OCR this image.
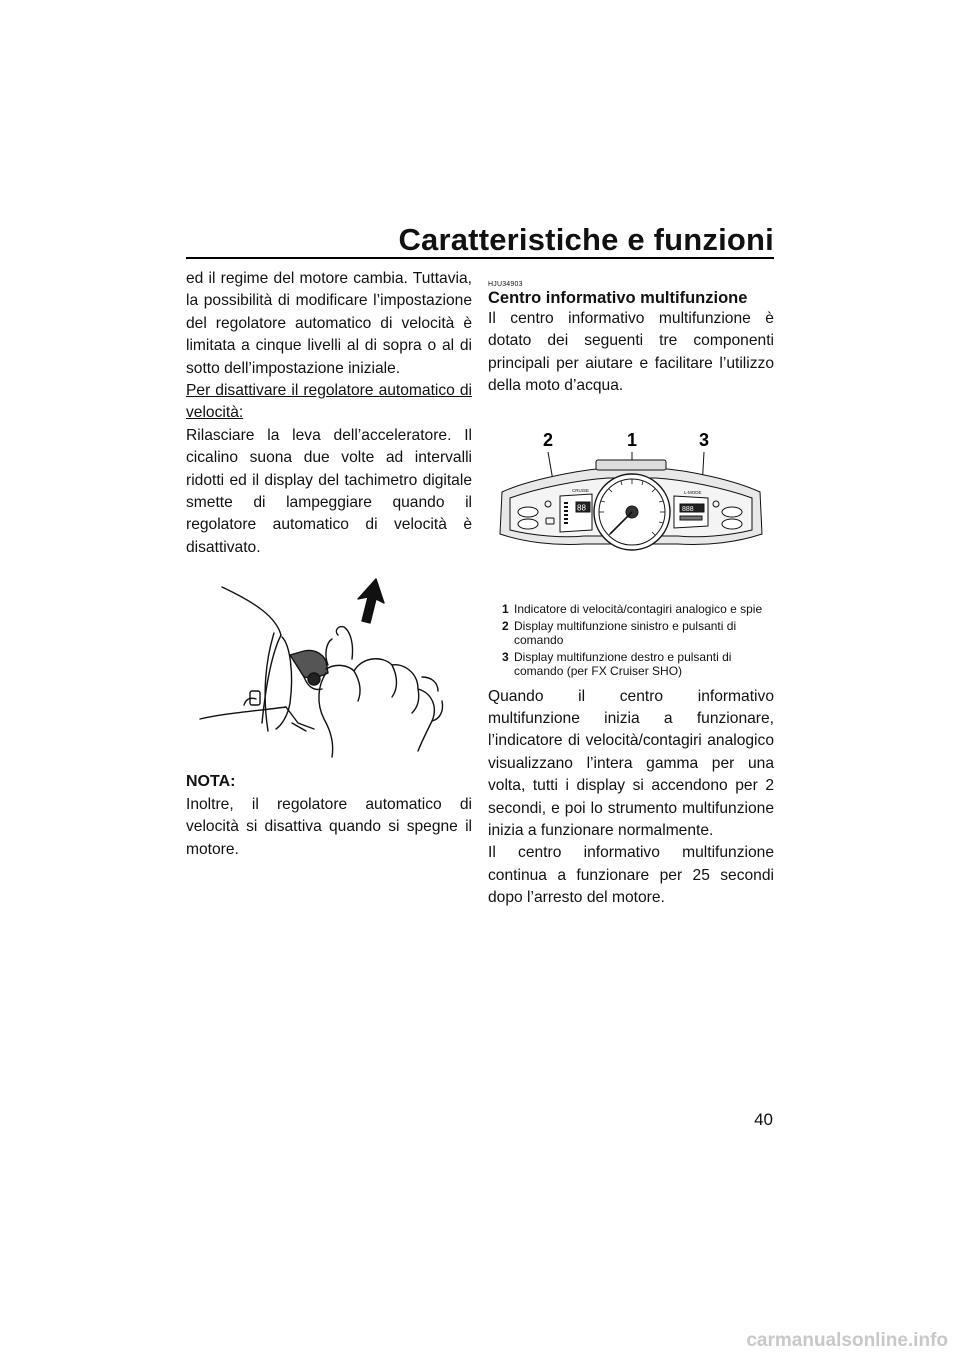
Caratteristiche e funzioni

ed il regime del motore cambia. Tuttavia, la possibilità di modificare l’impostazione del regolatore automatico di velocità è limitata a cinque livelli al di sopra o al di sotto dell’impostazione iniziale.

Per disattivare il regolatore automatico di velocità:

Rilasciare la leva dell’acceleratore. Il cicalino suona due volte ad intervalli ridotti ed il display del tachimetro digitale smette di lampeggiare quando il regolatore automatico di velocità è disattivato.

NOTA:

Inoltre, il regolatore automatico di velocità si disattiva quando si spegne il motore.

HJU34903

Centro informativo multifunzione

Il centro informativo multifunzione è dotato dei seguenti tre componenti principali per aiutare e facilitare l’utilizzo della moto d’acqua.

2	1	3
CRUISE	L-MODE
88	888
1 Indicatore di velocità/contagiri analogico e spie
2 Display multifunzione sinistro e pulsanti di comando
3 Display multifunzione destro e pulsanti di comando (per FX Cruiser SHO)

Quando il centro informativo multifunzione inizia a funzionare, l’indicatore di velocità/contagiri analogico visualizzano l’intera gamma per una volta, tutti i display si accendono per 2 secondi, e poi lo strumento multifunzione inizia a funzionare normalmente.

Il centro informativo multifunzione continua a funzionare per 25 secondi dopo l’arresto del motore.

40
carmanualsonline.info
